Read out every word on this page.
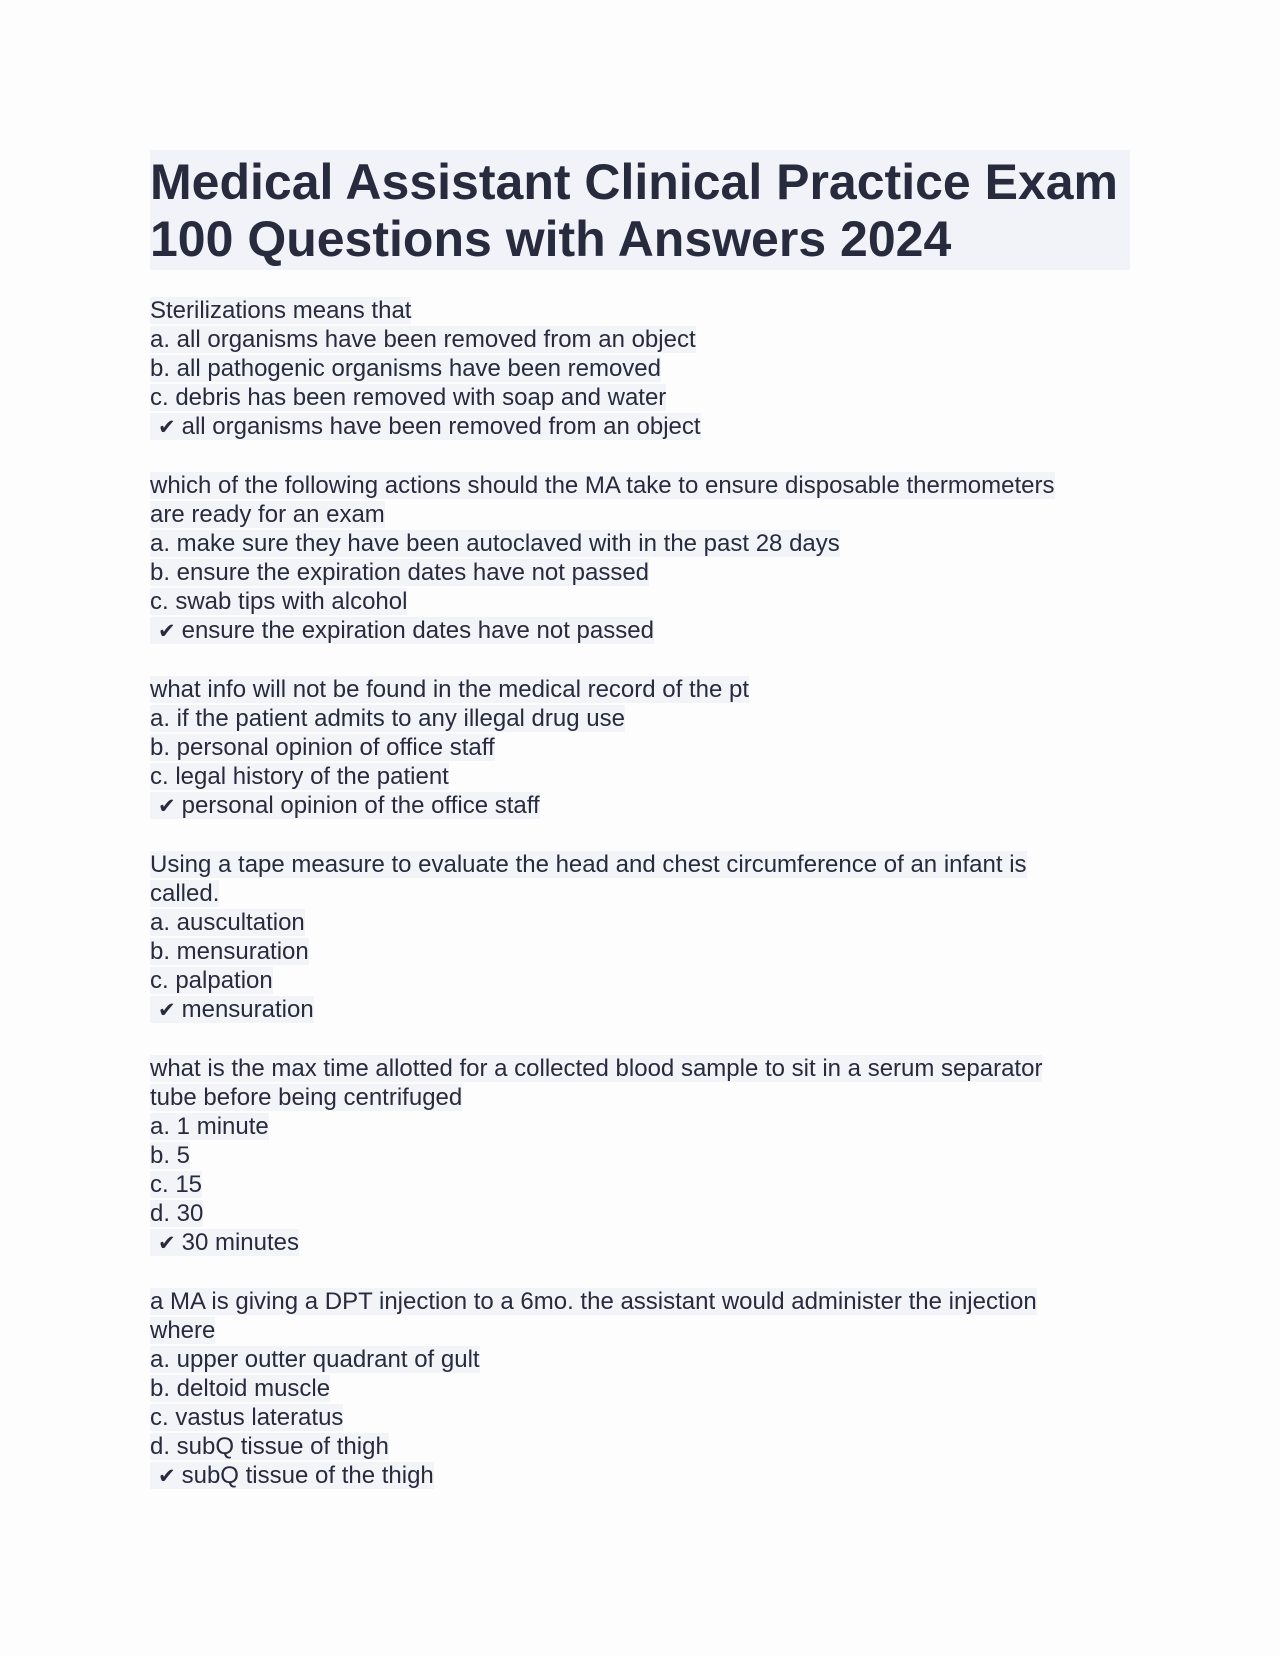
Medical Assistant Clinical Practice Exam
100 Questions with Answers 2024
Sterilizations means that
a. all organisms have been removed from an object
b. all pathogenic organisms have been removed
c. debris has been removed with soap and water
✔ all organisms have been removed from an object
which of the following actions should the MA take to ensure disposable thermometers
are ready for an exam
a. make sure they have been autoclaved with in the past 28 days
b. ensure the expiration dates have not passed
c. swab tips with alcohol
✔ ensure the expiration dates have not passed
what info will not be found in the medical record of the pt
a. if the patient admits to any illegal drug use
b. personal opinion of office staff
c. legal history of the patient
✔ personal opinion of the office staff
Using a tape measure to evaluate the head and chest circumference of an infant is
called.
a. auscultation
b. mensuration
c. palpation
✔ mensuration
what is the max time allotted for a collected blood sample to sit in a serum separator
tube before being centrifuged
a. 1 minute
b. 5
c. 15
d. 30
✔ 30 minutes
a MA is giving a DPT injection to a 6mo. the assistant would administer the injection
where
a. upper outter quadrant of gult
b. deltoid muscle
c. vastus lateratus
d. subQ tissue of thigh
✔ subQ tissue of the thigh
